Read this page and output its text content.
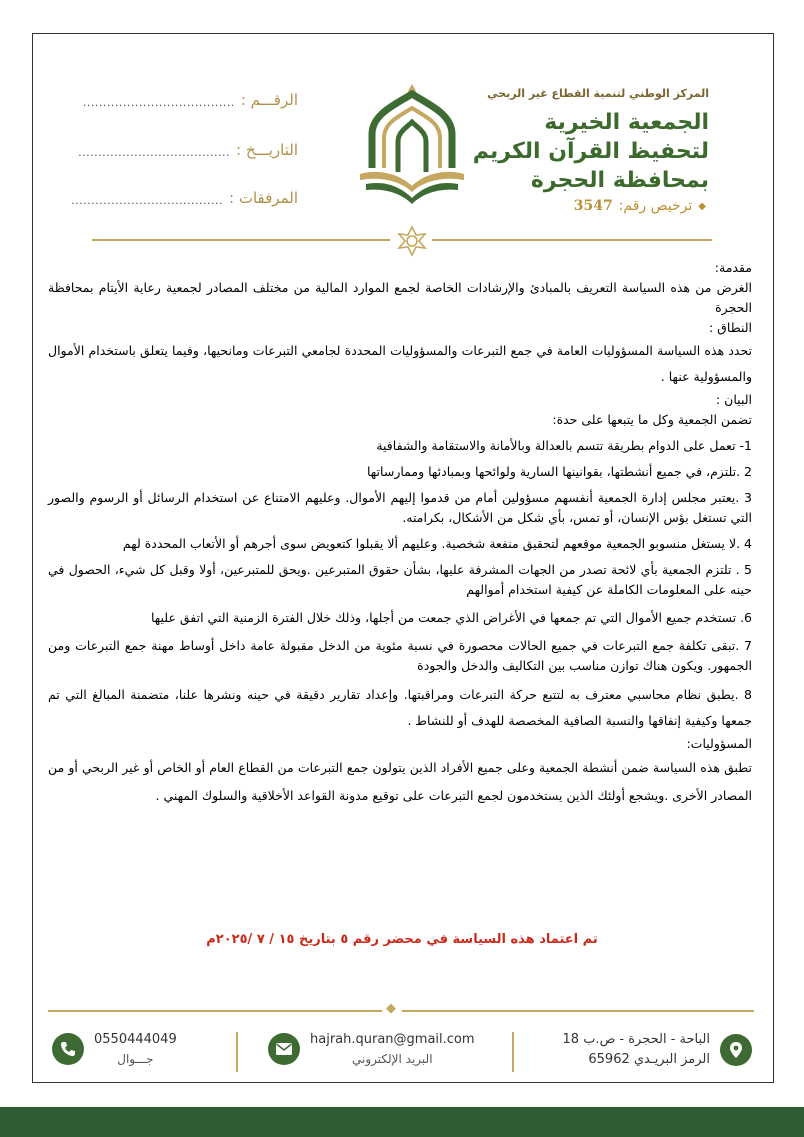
المركز الوطني لتنمية القطاع غير الربحي
الجمعية الخيرية
لتحفيظ القرآن الكريم
بمحافظة الحجرة
◆
ترخيص رقم:
3547
الرقـــم :
......................................
التاريـــخ :
......................................
المرفقات :
......................................

مقدمة:

الغرض من هذه السياسة التعريف بالمبادئ والإرشادات الخاصة لجمع الموارد المالية من مختلف المصادر لجمعية رعاية الأيتام بمحافظة الحجرة

النطاق :

تحدد هذه السياسة المسؤوليات العامة في جمع التبرعات والمسؤوليات المحددة لجامعي التبرعات ومانحيها، وفيما يتعلق باستخدام الأموال والمسؤولية عنها .

البيان :

تضمن الجمعية وكل ما يتبعها على حدة:

1- تعمل على الدوام بطريقة تتسم بالعدالة وبالأمانة والاستقامة والشفافية

2 .تلتزم، في جميع أنشطتها، بقوانينها السارية ولوائحها وبمبادئها وممارساتها

3 .يعتبر مجلس إدارة الجمعية أنفسهم مسؤولين أمام من قدموا إليهم الأموال. وعليهم الامتناع عن استخدام الرسائل أو الرسوم والصور التي تستغل بؤس الإنسان، أو تمس، بأي شكل من الأشكال، بكرامته.

4 .لا يستغل منسوبو الجمعية موقعهم لتحقيق منفعة شخصية. وعليهم ألا يقبلوا كتعويض سوى أجرهم أو الأتعاب المحددة لهم

5 . تلتزم الجمعية بأي لائحة تصدر من الجهات المشرفة عليها، بشأن حقوق المتبرعين .ويحق للمتبرعين، أولا وقبل كل شيء، الحصول في حينه على المعلومات الكاملة عن كيفية استخدام أموالهم

6. تستخدم جميع الأموال التي تم جمعها في الأغراض الذي جمعت من أجلها، وذلك خلال الفترة الزمنية التي اتفق عليها

7 .تبقى تكلفة جمع التبرعات في جميع الحالات محصورة في نسبة مئوية من الدخل مقبولة عامة داخل أوساط مهنة جمع التبرعات ومن الجمهور. ويكون هناك توازن مناسب بين التكاليف والدخل والجودة

8 .يطبق نظام محاسبي معترف به لتتبع حركة التبرعات ومراقبتها. وإعداد تقارير دقيقة في حينه ونشرها علنا، متضمنة المبالغ التي تم جمعها وكيفية إنفاقها والنسبة الصافية المخصصة للهدف أو للنشاط .

المسؤوليات:

تطبق هذه السياسة ضمن أنشطة الجمعية وعلى جميع الأفراد الذين يتولون جمع التبرعات من القطاع العام أو الخاص أو غير الربحي أو من المصادر الأخرى .ويشجع أولئك الذين يستخدمون لجمع التبرعات على توقيع مدونة القواعد الأخلاقية والسلوك المهني .

تم اعتماد هذه السياسة في محضر رقم ٥ بتاريخ ١٥ / ٧ /٢٠٢٥م
◆
الباحة - الحجرة - ص.ب 18
الرمز البريـدي 65962
hajrah.quran@gmail.com
البريد الإلكتروني
0550444049
جـــوال
